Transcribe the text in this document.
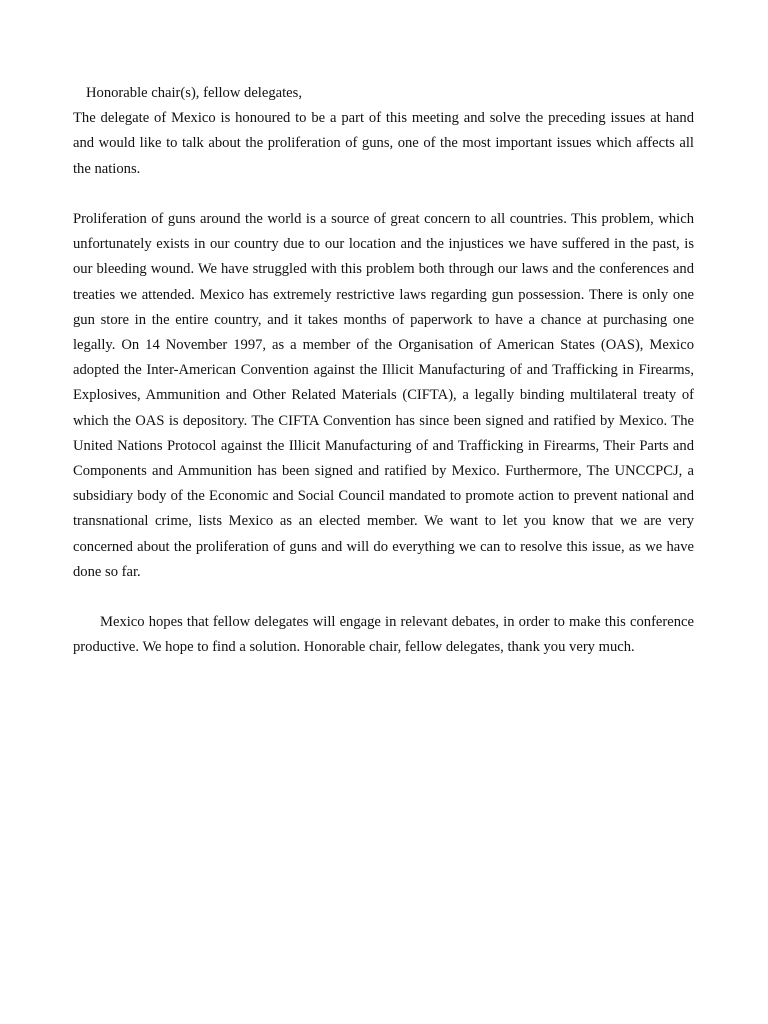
Honorable chair(s), fellow delegates,

The delegate of Mexico is honoured to be a part of this meeting and solve the preceding issues at hand and would like to talk about the proliferation of guns, one of the most important issues which affects all the nations.

Proliferation of guns around the world is a source of great concern to all countries. This problem, which unfortunately exists in our country due to our location and the injustices we have suffered in the past, is our bleeding wound. We have struggled with this problem both through our laws and the conferences and treaties we attended. Mexico has extremely restrictive laws regarding gun possession. There is only one gun store in the entire country, and it takes months of paperwork to have a chance at purchasing one legally. On 14 November 1997, as a member of the Organisation of American States (OAS), Mexico adopted the Inter-American Convention against the Illicit Manufacturing of and Trafficking in Firearms, Explosives, Ammunition and Other Related Materials (CIFTA), a legally binding multilateral treaty of which the OAS is depository. The CIFTA Convention has since been signed and ratified by Mexico. The United Nations Protocol against the Illicit Manufacturing of and Trafficking in Firearms, Their Parts and Components and Ammunition has been signed and ratified by Mexico. Furthermore, The UNCCPCJ, a subsidiary body of the Economic and Social Council mandated to promote action to prevent national and transnational crime, lists Mexico as an elected member. We want to let you know that we are very concerned about the proliferation of guns and will do everything we can to resolve this issue, as we have done so far.

Mexico hopes that fellow delegates will engage in relevant debates, in order to make this conference productive. We hope to find a solution. Honorable chair, fellow delegates, thank you very much.
